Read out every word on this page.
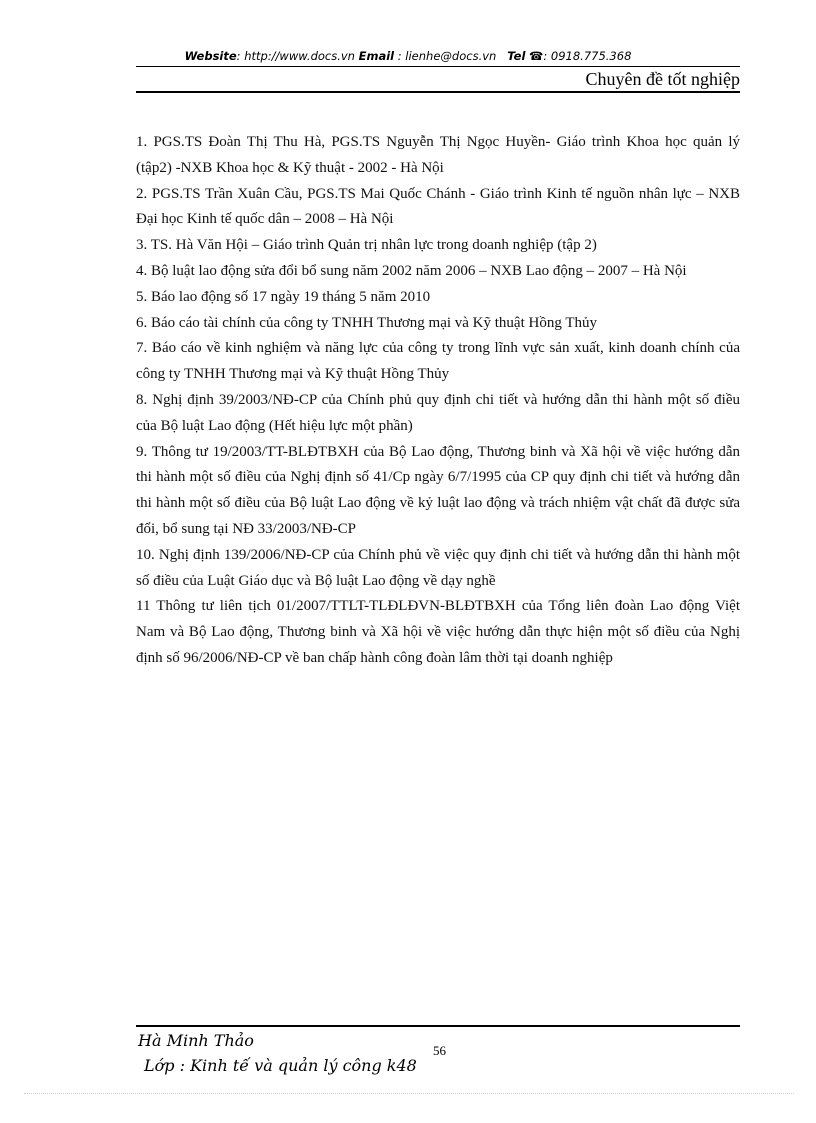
Website: http://www.docs.vn Email : lienhe@docs.vn Tel ☎: 0918.775.368
Chuyên đề tốt nghiệp
1. PGS.TS Đoàn Thị Thu Hà, PGS.TS Nguyễn Thị Ngọc Huyền- Giáo trình Khoa học quản lý (tập2) -NXB Khoa học & Kỹ thuật - 2002 - Hà Nội
2. PGS.TS Trần Xuân Cầu, PGS.TS Mai Quốc Chánh - Giáo trình Kinh tế nguồn nhân lực – NXB Đại học Kinh tế quốc dân – 2008 – Hà Nội
3. TS. Hà Văn Hội – Giáo trình Quản trị nhân lực trong doanh nghiệp (tập 2)
4. Bộ luật lao động sửa đổi bổ sung năm 2002 năm 2006 – NXB Lao động – 2007 – Hà Nội
5. Báo lao động số 17 ngày 19 tháng 5 năm 2010
6. Báo cáo tài chính của công ty TNHH Thương mại và Kỹ thuật Hồng Thủy
7. Báo cáo về kinh nghiệm và năng lực của công ty trong lĩnh vực sản xuất, kinh doanh chính của công ty TNHH Thương mại và Kỹ thuật Hồng Thủy
8. Nghị định 39/2003/NĐ-CP của Chính phủ quy định chi tiết và hướng dẫn thi hành một số điều của Bộ luật Lao động (Hết hiệu lực một phần)
9. Thông tư 19/2003/TT-BLĐTBXH của Bộ Lao động, Thương binh và Xã hội về việc hướng dẫn thi hành một số điều của Nghị định số 41/Cp ngày 6/7/1995 của CP quy định chi tiết và hướng dẫn thi hành một số điều của Bộ luật Lao động về kỷ luật lao động và trách nhiệm vật chất đã được sửa đổi, bổ sung tại NĐ 33/2003/NĐ-CP
10. Nghị định 139/2006/NĐ-CP của Chính phủ về việc quy định chi tiết và hướng dẫn thi hành một số điều của Luật Giáo dục và Bộ luật Lao động về dạy nghề
11 Thông tư liên tịch 01/2007/TTLT-TLĐLĐVN-BLĐTBXH của Tổng liên đoàn Lao động Việt Nam và Bộ Lao động, Thương binh và Xã hội về việc hướng dẫn thực hiện một số điều của Nghị định số 96/2006/NĐ-CP về ban chấp hành công đoàn lâm thời tại doanh nghiệp
Hà Minh Thảo
56
Lớp : Kinh tế và quản lý công k48
